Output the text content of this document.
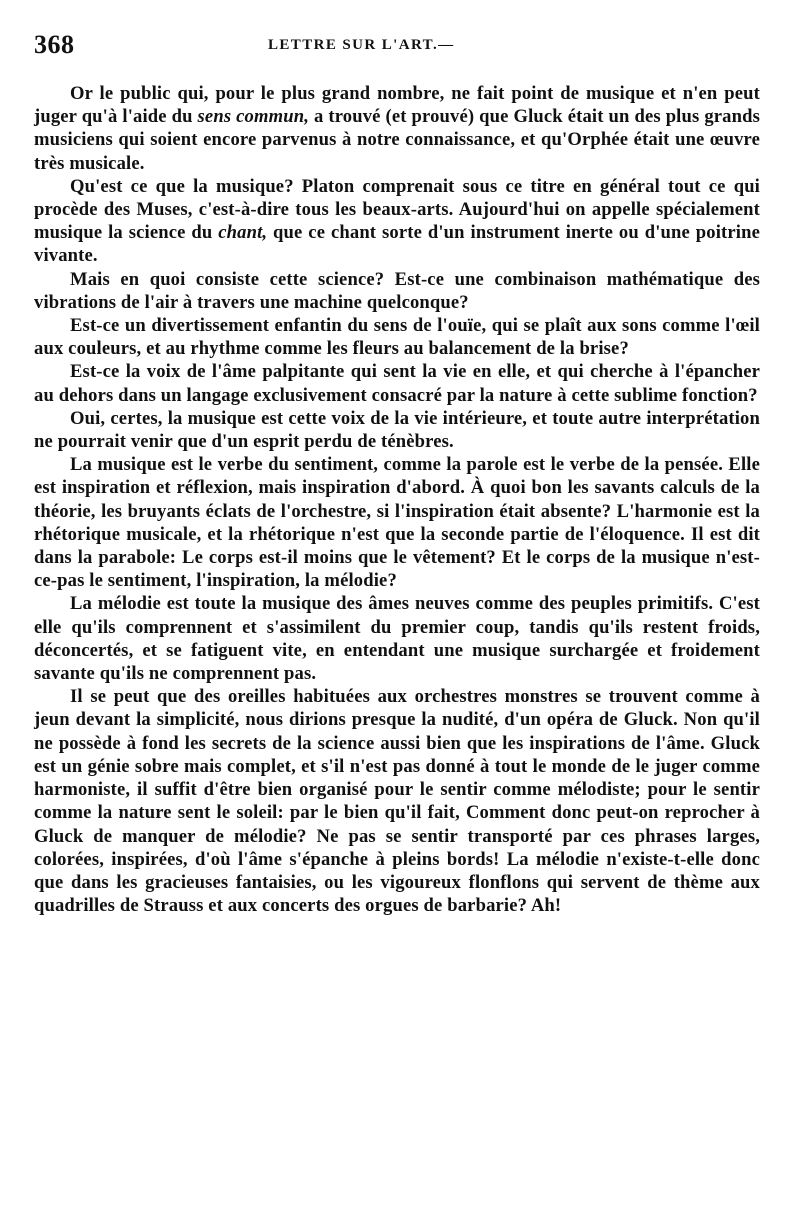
368	LETTRE SUR L'ART.—

Or le public qui, pour le plus grand nombre, ne fait point de musique et n'en peut juger qu'à l'aide du sens commun, a trouvé (et prouvé) que Gluck était un des plus grands musiciens qui soient encore parvenus à notre connaissance, et qu'Orphée était une œuvre très musicale.

Qu'est ce que la musique? Platon comprenait sous ce titre en général tout ce qui procède des Muses, c'est-à-dire tous les beaux-arts. Aujourd'hui on appelle spécialement musique la science du chant, que ce chant sorte d'un instrument inerte ou d'une poitrine vivante.

Mais en quoi consiste cette science? Est-ce une combinaison mathématique des vibrations de l'air à travers une machine quelconque?

Est-ce un divertissement enfantin du sens de l'ouïe, qui se plaît aux sons comme l'œil aux couleurs, et au rhythme comme les fleurs au balancement de la brise?

Est-ce la voix de l'âme palpitante qui sent la vie en elle, et qui cherche à l'épancher au dehors dans un langage exclusivement consacré par la nature à cette sublime fonction?

Oui, certes, la musique est cette voix de la vie intérieure, et toute autre interprétation ne pourrait venir que d'un esprit perdu de ténèbres.

La musique est le verbe du sentiment, comme la parole est le verbe de la pensée. Elle est inspiration et réflexion, mais inspiration d'abord. À quoi bon les savants calculs de la théorie, les bruyants éclats de l'orchestre, si l'inspiration était absente? L'harmonie est la rhétorique musicale, et la rhétorique n'est que la seconde partie de l'éloquence. Il est dit dans la parabole: Le corps est-il moins que le vêtement? Et le corps de la musique n'est-ce-pas le sentiment, l'inspiration, la mélodie?

La mélodie est toute la musique des âmes neuves comme des peuples primitifs. C'est elle qu'ils comprennent et s'assimilent du premier coup, tandis qu'ils restent froids, déconcertés, et se fatiguent vite, en entendant une musique surchargée et froidement savante qu'ils ne comprennent pas.

Il se peut que des oreilles habituées aux orchestres monstres se trouvent comme à jeun devant la simplicité, nous dirions presque la nudité, d'un opéra de Gluck. Non qu'il ne possède à fond les secrets de la science aussi bien que les inspirations de l'âme. Gluck est un génie sobre mais complet, et s'il n'est pas donné à tout le monde de le juger comme harmoniste, il suffit d'être bien organisé pour le sentir comme mélodiste; pour le sentir comme la nature sent le soleil: par le bien qu'il fait, Comment donc peut-on reprocher à Gluck de manquer de mélodie? Ne pas se sentir transporté par ces phrases larges, colorées, inspirées, d'où l'âme s'épanche à pleins bords! La mélodie n'existe-t-elle donc que dans les gracieuses fantaisies, ou les vigoureux flonflons qui servent de thème aux quadrilles de Strauss et aux concerts des orgues de barbarie? Ah!
